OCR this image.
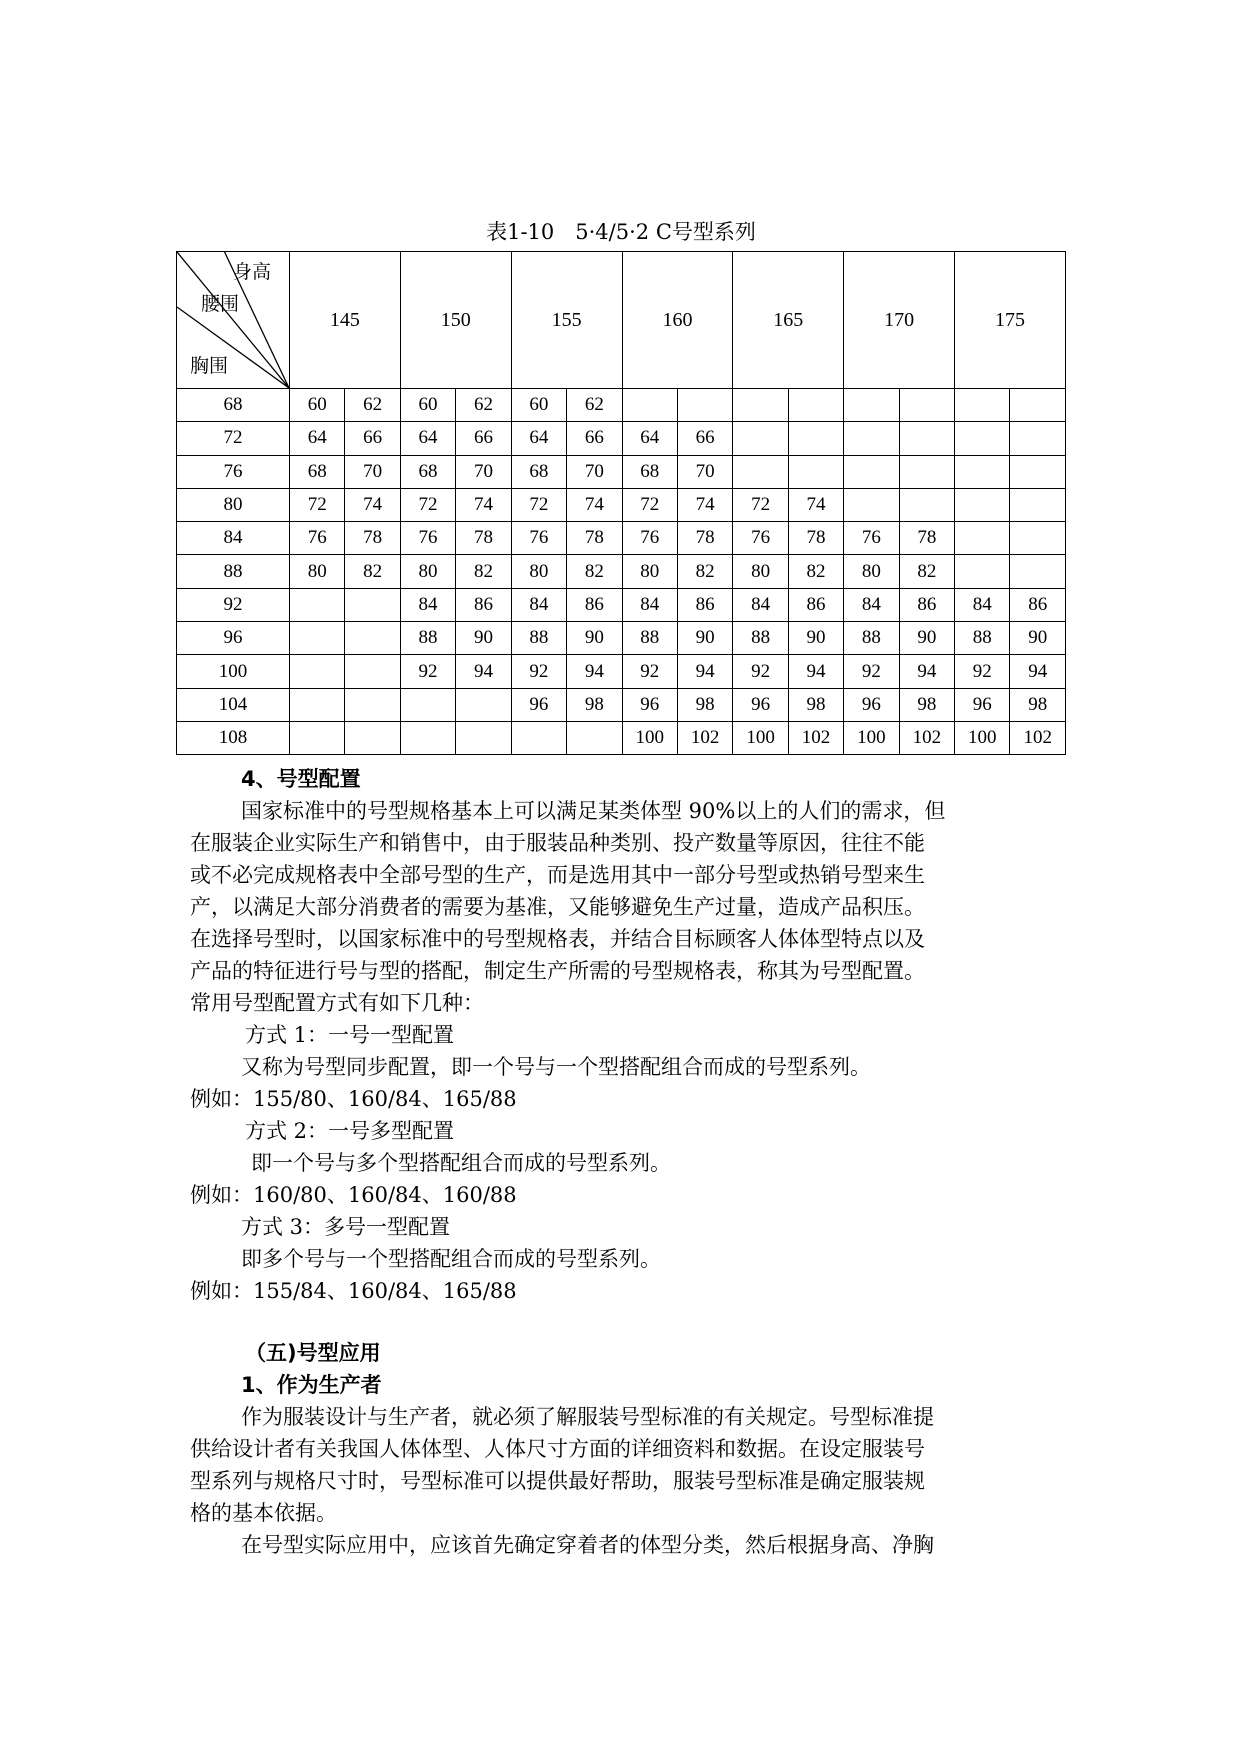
表1-10　5·4/5·2 C号型系列
身高
腰围
胸围	145		150		155		160		165		170		175	
68	60	62	60	62	60	62								
72	64	66	64	66	64	66	64	66						
76	68	70	68	70	68	70	68	70						
80	72	74	72	74	72	74	72	74	72	74				
84	76	78	76	78	76	78	76	78	76	78	76	78		
88	80	82	80	82	80	82	80	82	80	82	80	82		
92			84	86	84	86	84	86	84	86	84	86	84	86
96			88	90	88	90	88	90	88	90	88	90	88	90
100			92	94	92	94	92	94	92	94	92	94	92	94
104					96	98	96	98	96	98	96	98	96	98
108							100	102	100	102	100	102	100	102
4、号型配置
国家标准中的号型规格基本上可以满足某类体型 90%以上的人们的需求，但
在服装企业实际生产和销售中，由于服装品种类别、投产数量等原因，往往不能
或不必完成规格表中全部号型的生产，而是选用其中一部分号型或热销号型来生
产，以满足大部分消费者的需要为基准，又能够避免生产过量，造成产品积压。
在选择号型时，以国家标准中的号型规格表，并结合目标顾客人体体型特点以及
产品的特征进行号与型的搭配，制定生产所需的号型规格表，称其为号型配置。
常用号型配置方式有如下几种：
方式 1：一号一型配置
又称为号型同步配置，即一个号与一个型搭配组合而成的号型系列。
例如：155/80、160/84、165/88
方式 2：一号多型配置
即一个号与多个型搭配组合而成的号型系列。
例如：160/80、160/84、160/88
方式 3：多号一型配置
即多个号与一个型搭配组合而成的号型系列。
例如：155/84、160/84、165/88
（五)号型应用
1、作为生产者
作为服装设计与生产者，就必须了解服装号型标准的有关规定。号型标准提
供给设计者有关我国人体体型、人体尺寸方面的详细资料和数据。在设定服装号
型系列与规格尺寸时，号型标准可以提供最好帮助，服装号型标准是确定服装规
格的基本依据。
在号型实际应用中，应该首先确定穿着者的体型分类，然后根据身高、净胸
